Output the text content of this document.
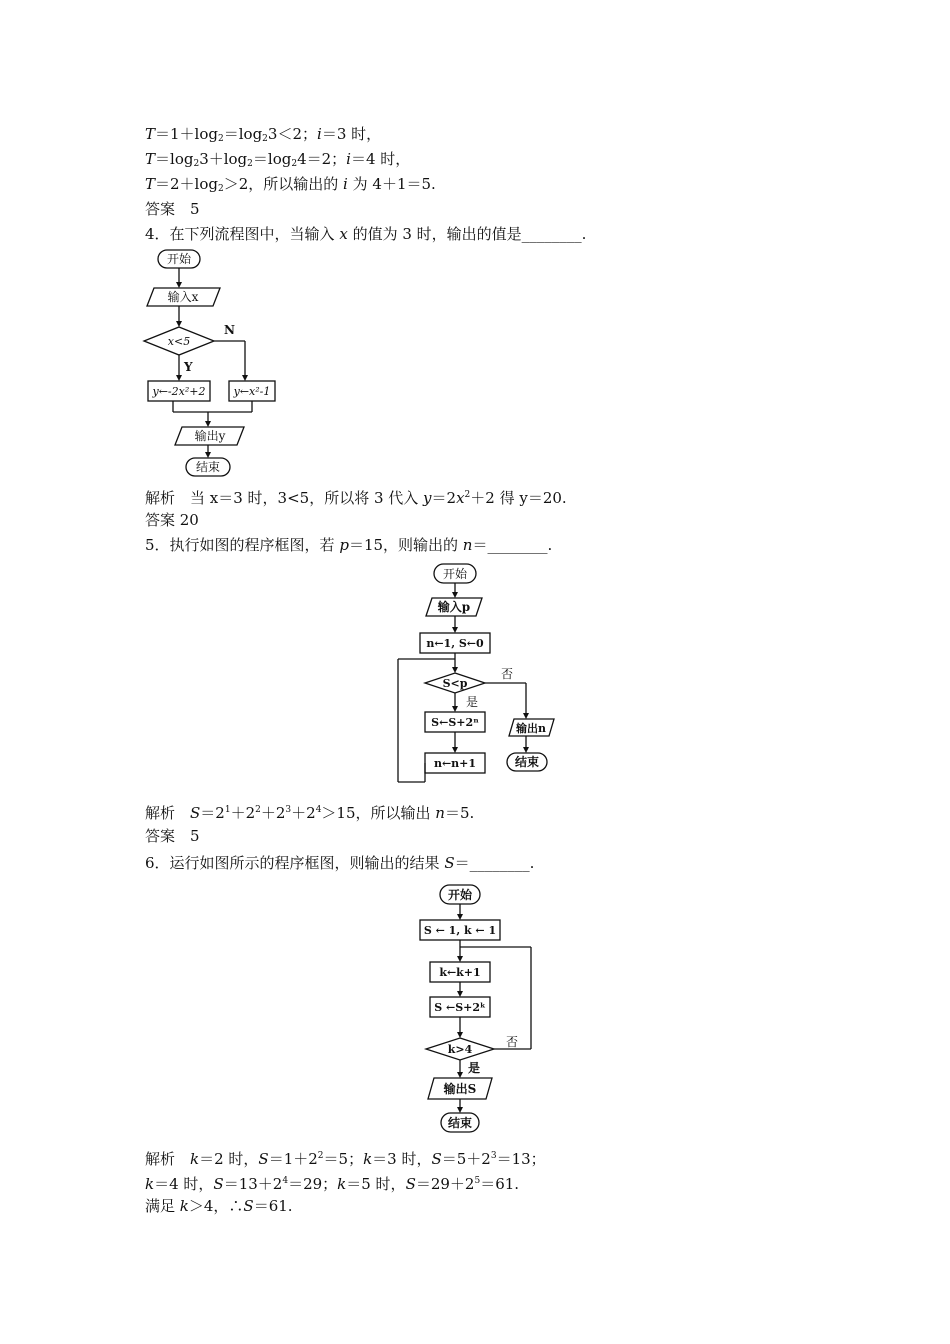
$T=1+\log_2=\log_23<2$；i＝3 时，
$T=\log_23+\log_2=\log_24=2$；i＝4 时，
$T=2+\log_2>2$，所以输出的 i 为 4＋1＝5.
答案　5
4．在下列流程图中，当输入 x 的值为 3 时，输出的值是________.
开始
输入x
x<5
N
Y
y←-2x²+2	y←x²-1
输出y
结束
解析　当 x＝3 时，3<5，所以将 3 代入 $y=2x^2+2$ 得 y＝20.
答案 20
5．执行如图的程序框图，若 p＝15，则输出的 n＝________.
开始
输入p
n←1, S←0
S<p
否
是
S←S+2ⁿ
n←n+1
输出n
结束
解析　$S=2^1+2^2+2^3+2^4>15$，所以输出 n＝5.
答案　5
6．运行如图所示的程序框图，则输出的结果 S＝________.
开始
S ← 1, k ← 1
k←k+1
S ←S+2ᵏ
k>4
否
是
输出S
结束
解析　k＝2 时，$S=1+2^2=5$；k＝3 时，$S=5+2^3=13$；
k＝4 时，$S=13+2^4=29$；k＝5 时，$S=29+2^5=61$.
满足 k＞4，∴S＝61.
